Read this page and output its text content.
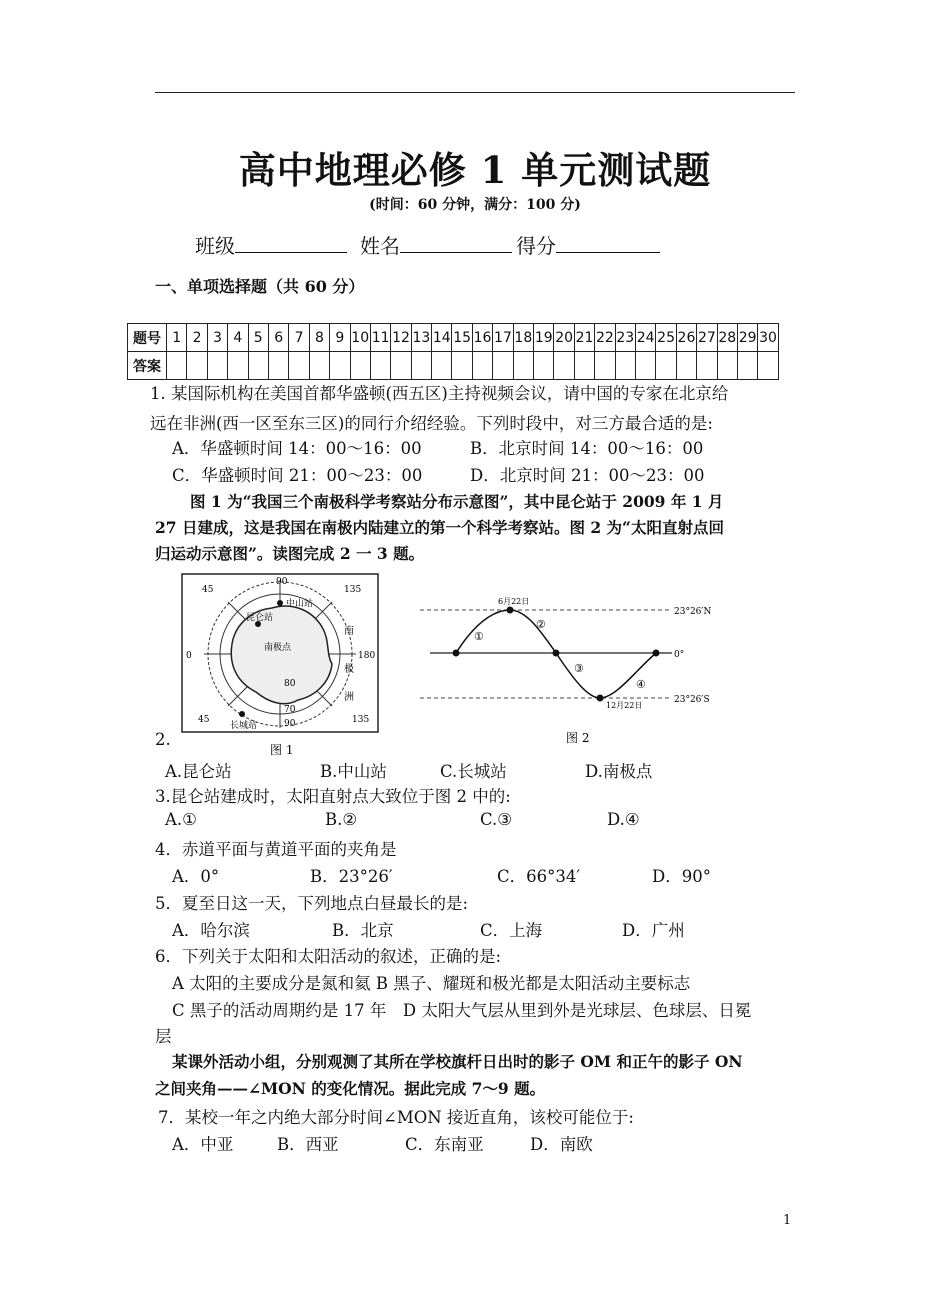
高中地理必修 1 单元测试题
(时间：60 分钟，满分：100 分)
班级	姓名	得分
一、单项选择题（共 60 分）
1. 某国际机构在美国首都华盛顿(西五区)主持视频会议，请中国的专家在北京给
远在非洲(西一区至东三区)的同行介绍经验。下列时段中，对三方最合适的是:
A．华盛顿时间 14：00～16：00	B．北京时间 14：00～16：00
C．华盛顿时间 21：00～23：00	D．北京时间 21：00～23：00
题号	1	2	3	4	5	6	7	8	9	10	11	12	13	14	15	16	17	18	19	20	21	22	23	24	25	26	27	28	29	30
答案																														
图 1 为“我国三个南极科学考察站分布示意图”，其中昆仑站于 2009 年 1 月
27 日建成，这是我国在南极内陆建立的第一个科学考察站。图 2 为“太阳直射点回
归运动示意图”。读图完成 2 一 3 题。
90
45	135
0	180
45	135
90
80
70
中山站
昆仑站
南极点
长城站
南
极
洲
图 1
6月22日
23°26′N
0°
23°26′S
12月22日
①
②
③
④
图 2
2.
A.昆仑站	B.中山站	C.长城站	D.南极点
3.昆仑站建成时，太阳直射点大致位于图 2 中的:
A.①	B.②	C.③	D.④
4．赤道平面与黄道平面的夹角是
A．0°	B．23°26′	C．66°34′	D．90°
5．夏至日这一天，下列地点白昼最长的是:
A．哈尔滨	B．北京	C．上海	D．广州
6．下列关于太阳和太阳活动的叙述，正确的是:
A 太阳的主要成分是氮和氦 B 黑子、耀斑和极光都是太阳活动主要标志
C 黑子的活动周期约是 17 年　D 太阳大气层从里到外是光球层、色球层、日冕
层
某课外活动小组，分别观测了其所在学校旗杆日出时的影子 OM 和正午的影子 ON
之间夹角——∠MON 的变化情况。据此完成 7～9 题。
7．某校一年之内绝大部分时间∠MON 接近直角，该校可能位于:
A．中亚	B．西亚	C．东南亚	D．南欧
1
